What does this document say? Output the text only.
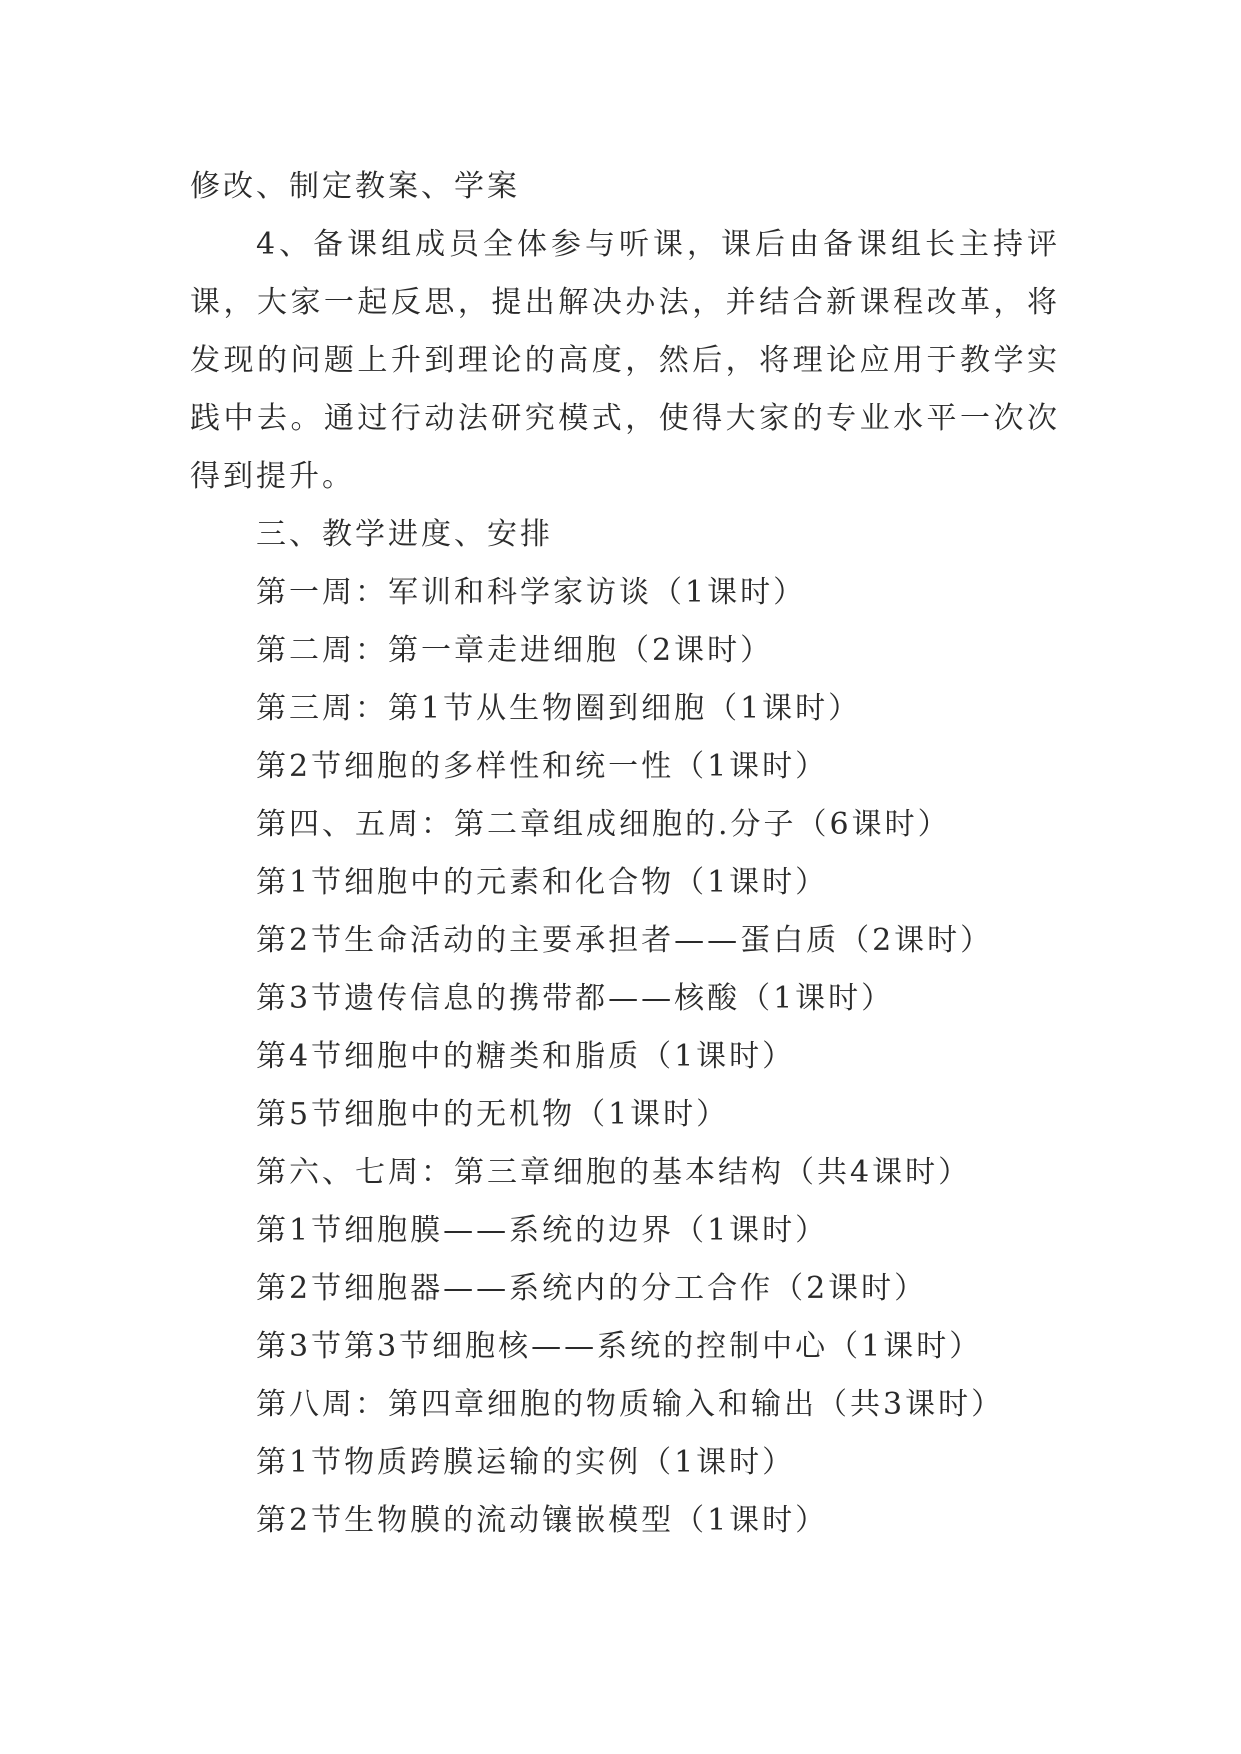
修改、制定教案、学案
4、备课组成员全体参与听课，课后由备课组长主持评课，大家一起反思，提出解决办法，并结合新课程改革，将发现的问题上升到理论的高度，然后，将理论应用于教学实践中去。通过行动法研究模式，使得大家的专业水平一次次得到提升。
三、教学进度、安排
第一周：军训和科学家访谈（1课时）
第二周：第一章走进细胞（2课时）
第三周：第1节从生物圈到细胞（1课时）
第2节细胞的多样性和统一性（1课时）
第四、五周：第二章组成细胞的.分子（6课时）
第1节细胞中的元素和化合物（1课时）
第2节生命活动的主要承担者——蛋白质（2课时）
第3节遗传信息的携带都——核酸（1课时）
第4节细胞中的糖类和脂质（1课时）
第5节细胞中的无机物（1课时）
第六、七周：第三章细胞的基本结构（共4课时）
第1节细胞膜——系统的边界（1课时）
第2节细胞器——系统内的分工合作（2课时）
第3节第3节细胞核——系统的控制中心（1课时）
第八周：第四章细胞的物质输入和输出（共3课时）
第1节物质跨膜运输的实例（1课时）
第2节生物膜的流动镶嵌模型（1课时）
